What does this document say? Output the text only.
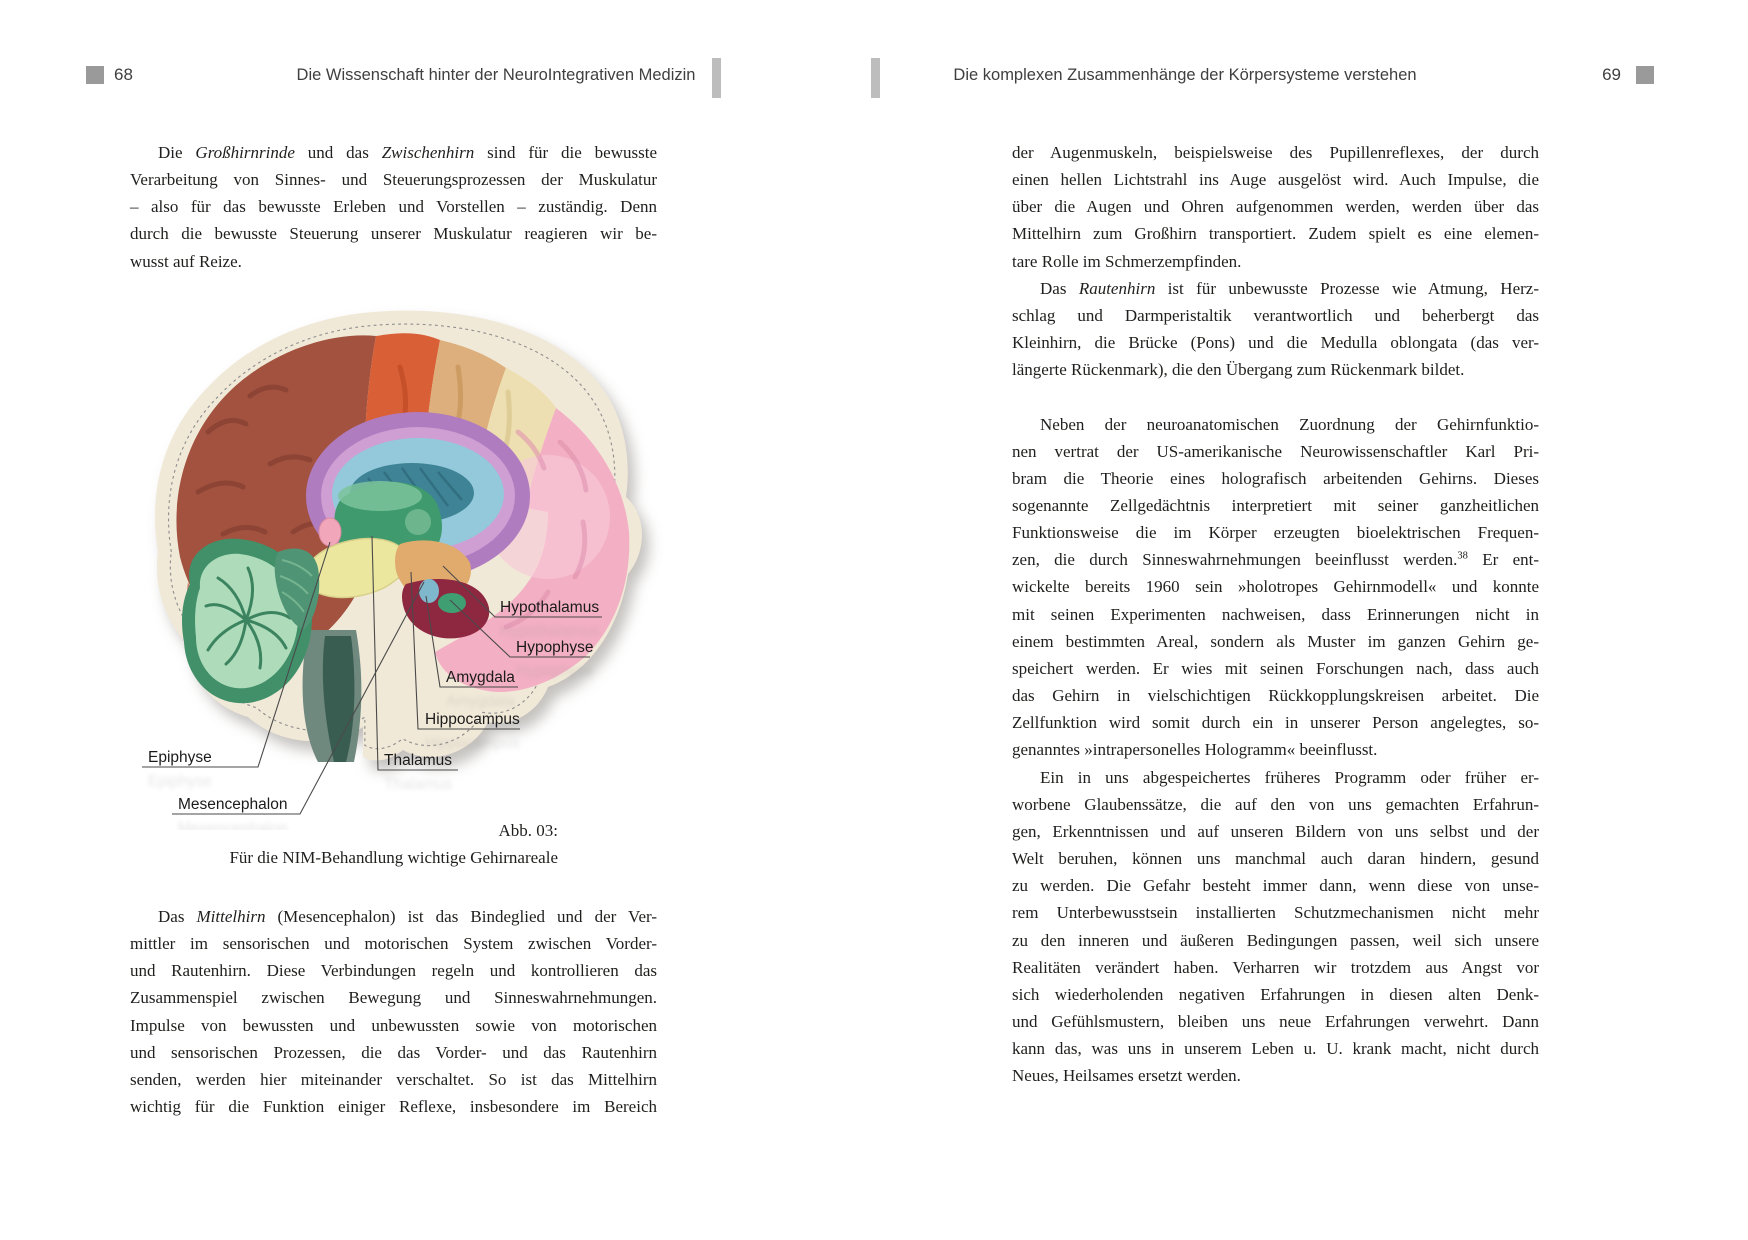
68	Die Wissenschaft hinter der NeuroIntegrativen Medizin	Die komplexen Zusammenhänge der Körpersysteme verstehen	69
Die Großhirnrinde und das Zwischenhirn sind für die bewusste
Verarbeitung von Sinnes- und Steuerungsprozessen der Muskulatur
– also für das bewusste Erleben und Vorstellen – zuständig. Denn
durch die bewusste Steuerung unserer Muskulatur reagieren wir be-
wusst auf Reize.
Hypothalamus
Hypophyse
Amygdala
Hippocampus
Thalamus
Epiphyse
Mesencephalon
Hypothalamus
Hypophyse
Amygdala
Hippocampus
Thalamus
Epiphyse
Mesencephalon
Abb. 03:
Für die NIM-Behandlung wichtige Gehirnareale
Das Mittelhirn (Mesencephalon) ist das Bindeglied und der Ver-
mittler im sensorischen und motorischen System zwischen Vorder-
und Rautenhirn. Diese Verbindungen regeln und kontrollieren das
Zusammenspiel zwischen Bewegung und Sinneswahrnehmungen.
Impulse von bewussten und unbewussten sowie von motorischen
und sensorischen Prozessen, die das Vorder- und das Rautenhirn
senden, werden hier miteinander verschaltet. So ist das Mittelhirn
wichtig für die Funktion einiger Reflexe, insbesondere im Bereich
der Augenmuskeln, beispielsweise des Pupillenreflexes, der durch
einen hellen Lichtstrahl ins Auge ausgelöst wird. Auch Impulse, die
über die Augen und Ohren aufgenommen werden, werden über das
Mittelhirn zum Großhirn transportiert. Zudem spielt es eine elemen-
tare Rolle im Schmerzempfinden.
Das Rautenhirn ist für unbewusste Prozesse wie Atmung, Herz-
schlag und Darmperistaltik verantwortlich und beherbergt das
Kleinhirn, die Brücke (Pons) und die Medulla oblongata (das ver-
längerte Rückenmark), die den Übergang zum Rückenmark bildet.
Neben der neuroanatomischen Zuordnung der Gehirnfunktio-
nen vertrat der US-amerikanische Neurowissenschaftler Karl Pri-
bram die Theorie eines holografisch arbeitenden Gehirns. Dieses
sogenannte Zellgedächtnis interpretiert mit seiner ganzheitlichen
Funktionsweise die im Körper erzeugten bioelektrischen Frequen-
zen, die durch Sinneswahrnehmungen beeinflusst werden.$^{38}$ Er ent-
wickelte bereits 1960 sein »holotropes Gehirnmodell« und konnte
mit seinen Experimenten nachweisen, dass Erinnerungen nicht in
einem bestimmten Areal, sondern als Muster im ganzen Gehirn ge-
speichert werden. Er wies mit seinen Forschungen nach, dass auch
das Gehirn in vielschichtigen Rückkopplungskreisen arbeitet. Die
Zellfunktion wird somit durch ein in unserer Person angelegtes, so-
genanntes »intrapersonelles Hologramm« beeinflusst.
Ein in uns abgespeichertes früheres Programm oder früher er-
worbene Glaubenssätze, die auf den von uns gemachten Erfahrun-
gen, Erkenntnissen und auf unseren Bildern von uns selbst und der
Welt beruhen, können uns manchmal auch daran hindern, gesund
zu werden. Die Gefahr besteht immer dann, wenn diese von unse-
rem Unterbewusstsein installierten Schutzmechanismen nicht mehr
zu den inneren und äußeren Bedingungen passen, weil sich unsere
Realitäten verändert haben. Verharren wir trotzdem aus Angst vor
sich wiederholenden negativen Erfahrungen in diesen alten Denk-
und Gefühlsmustern, bleiben uns neue Erfahrungen verwehrt. Dann
kann das, was uns in unserem Leben u. U. krank macht, nicht durch
Neues, Heilsames ersetzt werden.
